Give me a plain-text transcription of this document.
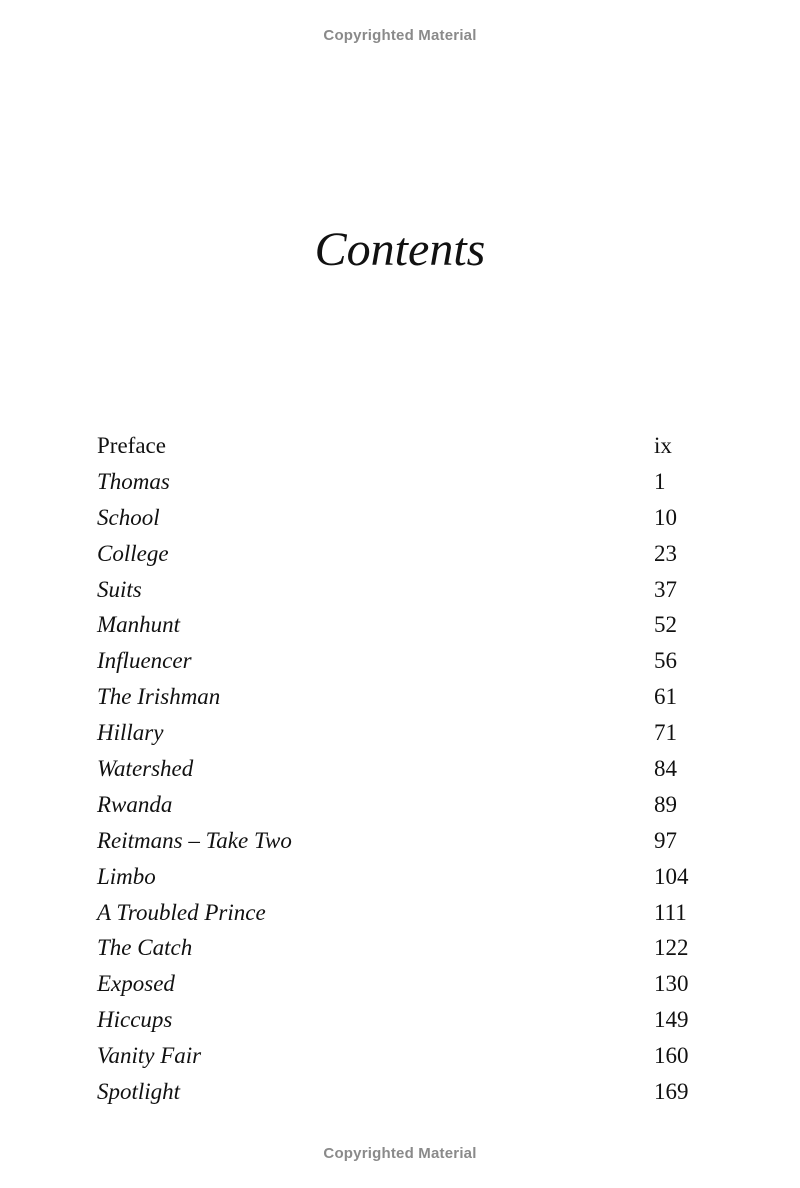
Copyrighted Material
Contents
Preface	ix
Thomas	1
School	10
College	23
Suits	37
Manhunt	52
Influencer	56
The Irishman	61
Hillary	71
Watershed	84
Rwanda	89
Reitmans – Take Two	97
Limbo	104
A Troubled Prince	111
The Catch	122
Exposed	130
Hiccups	149
Vanity Fair	160
Spotlight	169
Copyrighted Material
